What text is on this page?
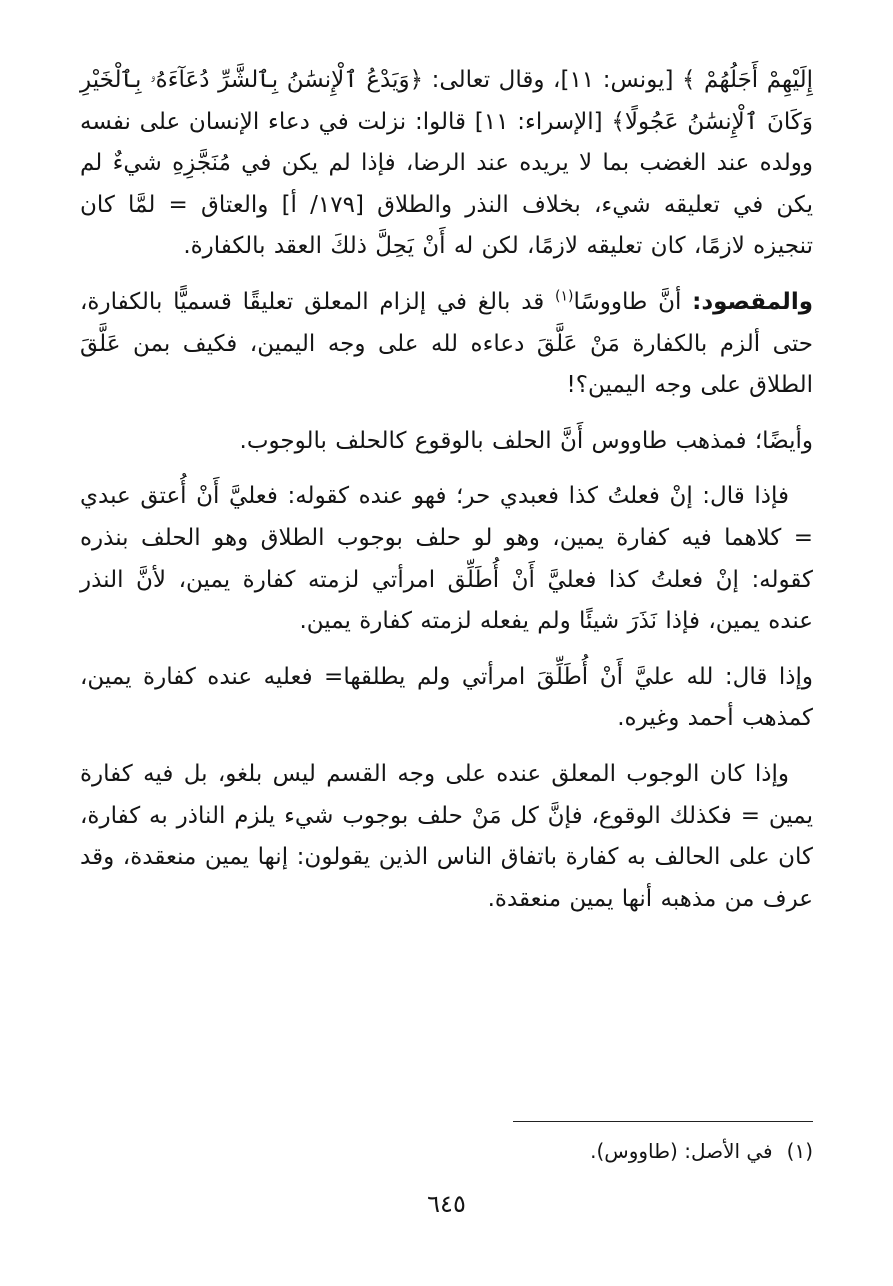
إِلَيْهِمْ أَجَلُهُمْ ﴾ [يونس: ١١]، وقال تعالى: ﴿وَيَدْعُ ٱلْإِنسَٰنُ بِٱلشَّرِّ دُعَآءَهُۥ بِٱلْخَيْرِ وَكَانَ ٱلْإِنسَٰنُ عَجُولًا﴾ [الإسراء: ١١] قالوا: نزلت في دعاء الإنسان على نفسه وولده عند الغضب بما لا يريده عند الرضا، فإذا لم يكن في مُنَجَّزِهِ شيءٌ لم يكن في تعليقه شيء، بخلاف النذر والطلاق [١٧٩/ أ] والعتاق = لمَّا كان تنجيزه لازمًا، كان تعليقه لازمًا، لكن له أَنْ يَحِلَّ ذلكَ العقد بالكفارة.

والمقصود: أنَّ طاووسًا$^{(١)}$ قد بالغ في إلزام المعلق تعليقًا قسميًّا بالكفارة، حتى ألزم بالكفارة مَنْ عَلَّقَ دعاءه لله على وجه اليمين، فكيف بمن عَلَّقَ الطلاق على وجه اليمين؟!

وأيضًا؛ فمذهب طاووس أَنَّ الحلف بالوقوع كالحلف بالوجوب.

فإذا قال: إنْ فعلتُ كذا فعبدي حر؛ فهو عنده كقوله: فعليَّ أَنْ أُعتق عبدي = كلاهما فيه كفارة يمين، وهو لو حلف بوجوب الطلاق وهو الحلف بنذره كقوله: إنْ فعلتُ كذا فعليَّ أَنْ أُطَلِّق امرأتي لزمته كفارة يمين، لأنَّ النذر عنده يمين، فإذا نَذَرَ شيئًا ولم يفعله لزمته كفارة يمين.

وإذا قال: لله عليَّ أَنْ أُطَلِّقَ امرأتي ولم يطلقها= فعليه عنده كفارة يمين، كمذهب أحمد وغيره.

وإذا كان الوجوب المعلق عنده على وجه القسم ليس بلغو، بل فيه كفارة يمين = فكذلك الوقوع، فإنَّ كل مَنْ حلف بوجوب شيء يلزم الناذر به كفارة، كان على الحالف به كفارة باتفاق الناس الذين يقولون: إنها يمين منعقدة، وقد عرف من مذهبه أنها يمين منعقدة.

(١)في الأصل: (طاووس).
٦٤٥
